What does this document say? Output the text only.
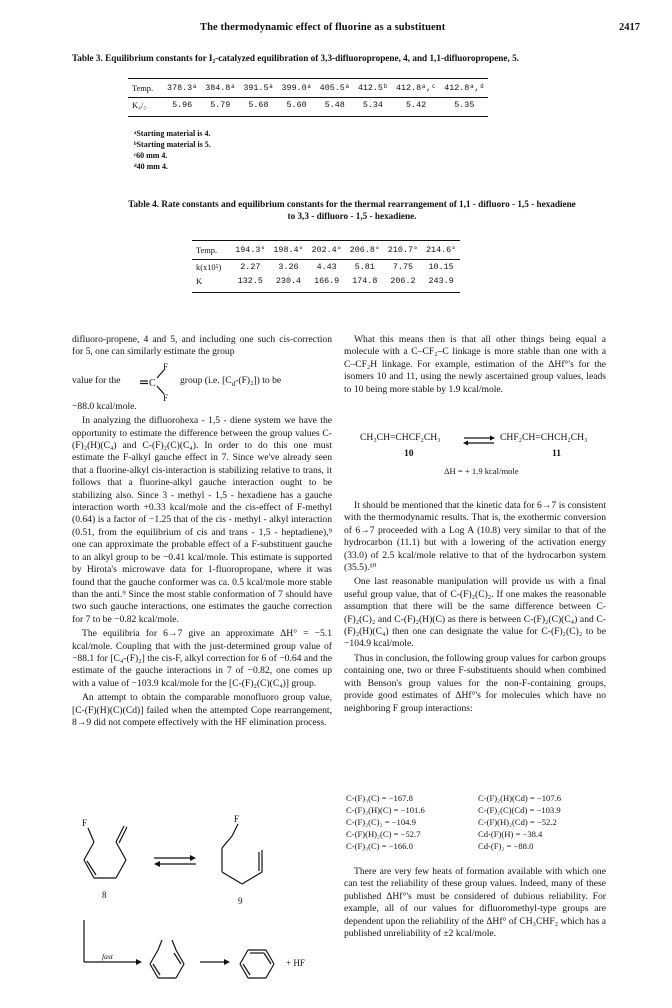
The thermodynamic effect of fluorine as a substituent	2417
Table 3. Equilibrium constants for I₂-catalyzed equilibration of 3,3-difluoropropene, 4, and 1,1-difluoropropene, 5.
Temp.	378.3ᵃ	384.8ᵃ	391.5ᵃ	399.0ᵃ	405.5ᵃ	412.5ᵇ	412.8ᵃ,ᶜ	412.8ᵃ,ᵈ
K₄/₅	5.96	5.79	5.68	5.60	5.48	5.34	5.42	5.35
ᵃStarting material is 4.
ᵇStarting material is 5.
ᶜ60 mm 4.
ᵈ40 mm 4.
Table 4. Rate constants and equilibrium constants for the thermal rearrangement of 1,1 - difluoro - 1,5 - hexadiene
to 3,3 - difluoro - 1,5 - hexadiene.
Temp.	194.3°	198.4°	202.4°	206.8°	210.7°	214.6°
k(x10⁵)	2.27	3.26	4.43	5.81	7.75	10.15
K	132.5	230.4	166.9	174.8	206.2	243.9

difluoro-propene, 4 and 5, and including one such cis-correction for 5, one can similarly estimate the group

value for the	C
F
F
group (i.e. $[C_d-(F)_2]$) to be

−88.0 kcal/mole.

In analyzing the difluorohexa - 1,5 - diene system we have the opportunity to estimate the difference between the group values C-(F)₂(H)(C₄) and C-(F)₂(C)(C₄). In order to do this one must estimate the F-alkyl gauche effect in 7. Since we've already seen that a fluorine-alkyl cis-interaction is stabilizing relative to trans, it follows that a fluorine-alkyl gauche interaction ought to be stabilizing also. Since 3 - methyl - 1,5 - hexadiene has a gauche interaction worth +0.33 kcal/mole and the cis-effect of F-methyl (0.64) is a factor of −1.25 that of the cis - methyl - alkyl interaction (0.51, from the equilibrium of cis and trans - 1,5 - heptadiene),⁹ one can approximate the probable effect of a F-substituent gauche to an alkyl group to be −0.41 kcal/mole. This estimate is supported by Hirota's microwave data for 1-fluoropropane, where it was found that the gauche conformer was ca. 0.5 kcal/mole more stable than the anti.⁹ Since the most stable conformation of 7 should have two such gauche interactions, one estimates the gauche correction for 7 to be −0.82 kcal/mole.

The equilibria for 6→7 give an approximate ΔH° = −5.1 kcal/mole. Coupling that with the just-determined group value of −88.1 for [C₄-(F)₂] the cis-F, alkyl correction for 6 of −0.64 and the estimate of the gauche interactions in 7 of −0.82, one comes up with a value of −103.9 kcal/mole for the [C-(F)₂(C)(C₄)] group.

An attempt to obtain the comparable monofluoro group value, [C-(F)(H)(C)(Cd)] failed when the attempted Cope rearrangement, 8→9 did not compete effectively with the HF elimination process.

F
8
F
9
fast
+ HF

What this means then is that all other things being equal a molecule with a C–CF₂–C linkage is more stable than one with a C–CF₂H linkage. For example, estimation of the ΔHf°'s for the isomers 10 and 11, using the newly ascertained group values, leads to 10 being more stable by 1.9 kcal/mole.

CH₃CH=CHCF₂CH₃ ⇌ CHF₂CH=CHCH₂CH₃
10	11
ΔH = + 1.9 kcal/mole

It should be mentioned that the kinetic data for 6→7 is consistent with the thermodynamic results. That is, the exothermic conversion of 6→7 proceeded with a Log A (10.8) very similar to that of the hydrocarbon (11.1) but with a lowering of the activation energy (33.0) of 2.5 kcal/mole relative to that of the hydrocarbon system (35.5).¹⁰

One last reasonable manipulation will provide us with a final useful group value, that of C-(F)₂(C)₂. If one makes the reasonable assumption that there will be the same difference between C-(F)₂(C)₂ and C-(F)₂(H)(C) as there is between C-(F)₂(C)(C₄) and C-(F)₂(H)(C₄) then one can designate the value for C-(F)₂(C)₂ to be −104.9 kcal/mole.

Thus in conclusion, the following group values for carbon groups containing one, two or three F-substituents should when combined with Benson's group values for the non-F-containing groups, provide good estimates of ΔHf°'s for molecules which have no neighboring F group interactions:

C-(F)₃(C) = −167.8
C-(F)₂(H)(C) = −101.6
C-(F)₂(C)₂ = −104.9
C-(F)(H)₂(C) = −52.7
C-(F)₃(C) = −166.0
C-(F)₂(H)(Cd) = −107.6
C-(F)₂(C)(Cd) = −103.9
C-(F)(H)₂(Cd) = −52.2
Cd-(F)(H) = −38.4
Cd-(F)₂ = −88.0

There are very few heats of formation available with which one can test the reliability of these group values. Indeed, many of these published ΔHf°'s must be considered of dubious reliability. For example, all of our values for difluoromethyl-type groups are dependent upon the reliability of the ΔHf° of CH₃CHF₂ which has a published unreliability of ±2 kcal/mole.
